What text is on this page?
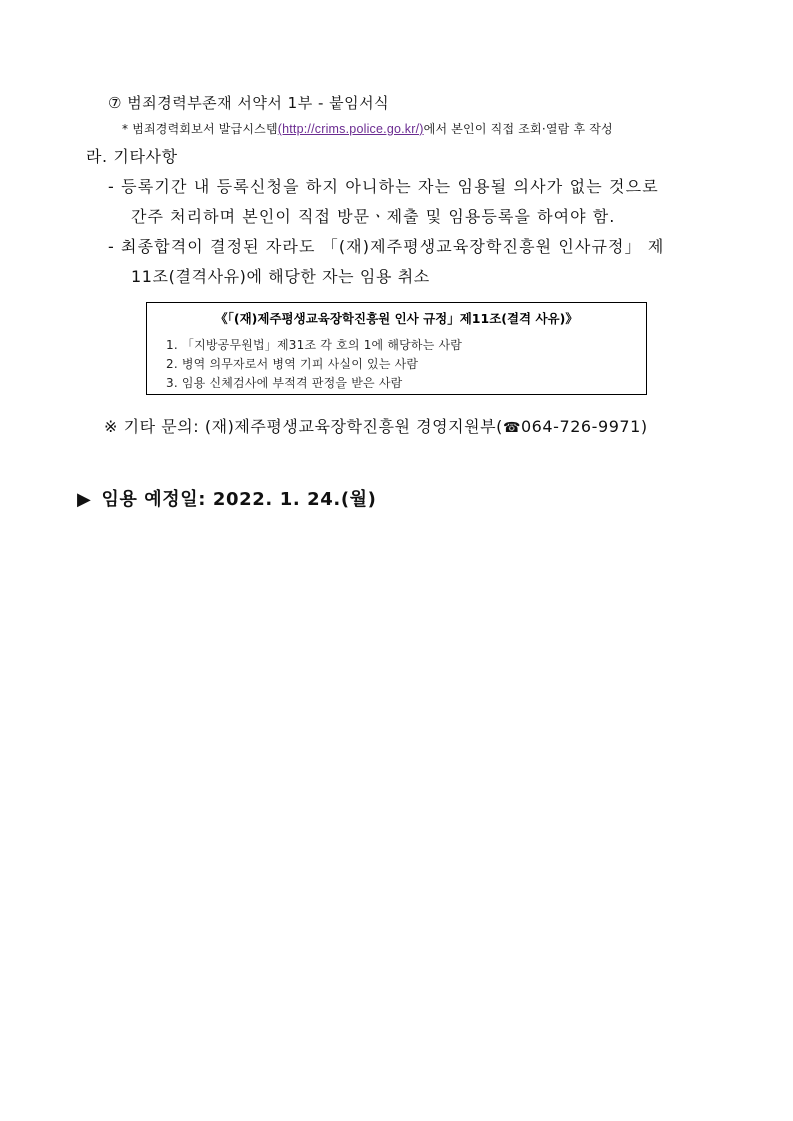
⑦ 범죄경력부존재 서약서 1부 - 붙임서식
* 범죄경력회보서 발급시스템(http://crims.police.go.kr/)에서 본인이 직접 조회·열람 후 작성
라. 기타사항
- 등록기간 내 등록신청을 하지 아니하는 자는 임용될 의사가 없는 것으로
간주 처리하며 본인이 직접 방문ㆍ제출 및 임용등록을 하여야 함.
- 최종합격이 결정된 자라도 「(재)제주평생교육장학진흥원 인사규정」 제
11조(결격사유)에 해당한 자는 임용 취소
《「(재)제주평생교육장학진흥원 인사 규정」제11조(결격 사유)》
1. 「지방공무원법」제31조 각 호의 1에 해당하는 사람
2. 병역 의무자로서 병역 기피 사실이 있는 사람
3. 임용 신체검사에 부적격 판정을 받은 사람
※ 기타 문의: (재)제주평생교육장학진흥원 경영지원부(☎064-726-9971)
▶ 임용 예정일: 2022. 1. 24.(월)
